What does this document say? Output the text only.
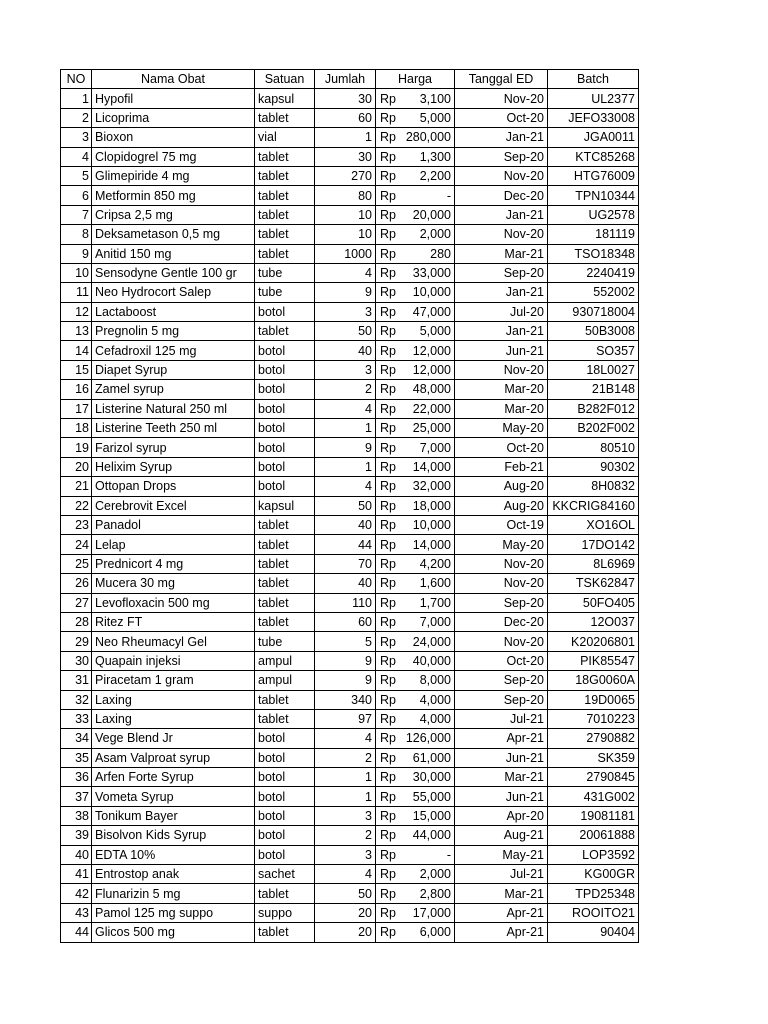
NO	Nama Obat	Satuan	Jumlah	Harga		Tanggal ED	Batch
1	Hypofil	kapsul	30	Rp	3,100	Nov-20	UL2377
2	Licoprima	tablet	60	Rp	5,000	Oct-20	JEFO33008
3	Bioxon	vial	1	Rp	280,000	Jan-21	JGA0011
4	Clopidogrel 75 mg	tablet	30	Rp	1,300	Sep-20	KTC85268
5	Glimepiride 4 mg	tablet	270	Rp	2,200	Nov-20	HTG76009
6	Metformin 850 mg	tablet	80	Rp	-	Dec-20	TPN10344
7	Cripsa 2,5 mg	tablet	10	Rp	20,000	Jan-21	UG2578
8	Deksametason 0,5 mg	tablet	10	Rp	2,000	Nov-20	181119
9	Anitid 150 mg	tablet	1000	Rp	280	Mar-21	TSO18348
10	Sensodyne Gentle 100 gr	tube	4	Rp	33,000	Sep-20	2240419
11	Neo Hydrocort Salep	tube	9	Rp	10,000	Jan-21	552002
12	Lactaboost	botol	3	Rp	47,000	Jul-20	930718004
13	Pregnolin 5 mg	tablet	50	Rp	5,000	Jan-21	50B3008
14	Cefadroxil 125 mg	botol	40	Rp	12,000	Jun-21	SO357
15	Diapet Syrup	botol	3	Rp	12,000	Nov-20	18L0027
16	Zamel syrup	botol	2	Rp	48,000	Mar-20	21B148
17	Listerine Natural 250 ml	botol	4	Rp	22,000	Mar-20	B282F012
18	Listerine Teeth 250 ml	botol	1	Rp	25,000	May-20	B202F002
19	Farizol syrup	botol	9	Rp	7,000	Oct-20	80510
20	Helixim Syrup	botol	1	Rp	14,000	Feb-21	90302
21	Ottopan Drops	botol	4	Rp	32,000	Aug-20	8H0832
22	Cerebrovit Excel	kapsul	50	Rp	18,000	Aug-20	KKCRIG84160
23	Panadol	tablet	40	Rp	10,000	Oct-19	XO16OL
24	Lelap	tablet	44	Rp	14,000	May-20	17DO142
25	Prednicort 4 mg	tablet	70	Rp	4,200	Nov-20	8L6969
26	Mucera 30 mg	tablet	40	Rp	1,600	Nov-20	TSK62847
27	Levofloxacin 500 mg	tablet	110	Rp	1,700	Sep-20	50FO405
28	Ritez FT	tablet	60	Rp	7,000	Dec-20	12O037
29	Neo Rheumacyl Gel	tube	5	Rp	24,000	Nov-20	K20206801
30	Quapain injeksi	ampul	9	Rp	40,000	Oct-20	PIK85547
31	Piracetam 1 gram	ampul	9	Rp	8,000	Sep-20	18G0060A
32	Laxing	tablet	340	Rp	4,000	Sep-20	19D0065
33	Laxing	tablet	97	Rp	4,000	Jul-21	7010223
34	Vege Blend Jr	botol	4	Rp	126,000	Apr-21	2790882
35	Asam Valproat syrup	botol	2	Rp	61,000	Jun-21	SK359
36	Arfen Forte Syrup	botol	1	Rp	30,000	Mar-21	2790845
37	Vometa Syrup	botol	1	Rp	55,000	Jun-21	431G002
38	Tonikum Bayer	botol	3	Rp	15,000	Apr-20	19081181
39	Bisolvon Kids Syrup	botol	2	Rp	44,000	Aug-21	20061888
40	EDTA 10%	botol	3	Rp	-	May-21	LOP3592
41	Entrostop anak	sachet	4	Rp	2,000	Jul-21	KG00GR
42	Flunarizin 5 mg	tablet	50	Rp	2,800	Mar-21	TPD25348
43	Pamol 125 mg suppo	suppo	20	Rp	17,000	Apr-21	ROOITO21
44	Glicos 500 mg	tablet	20	Rp	6,000	Apr-21	90404
